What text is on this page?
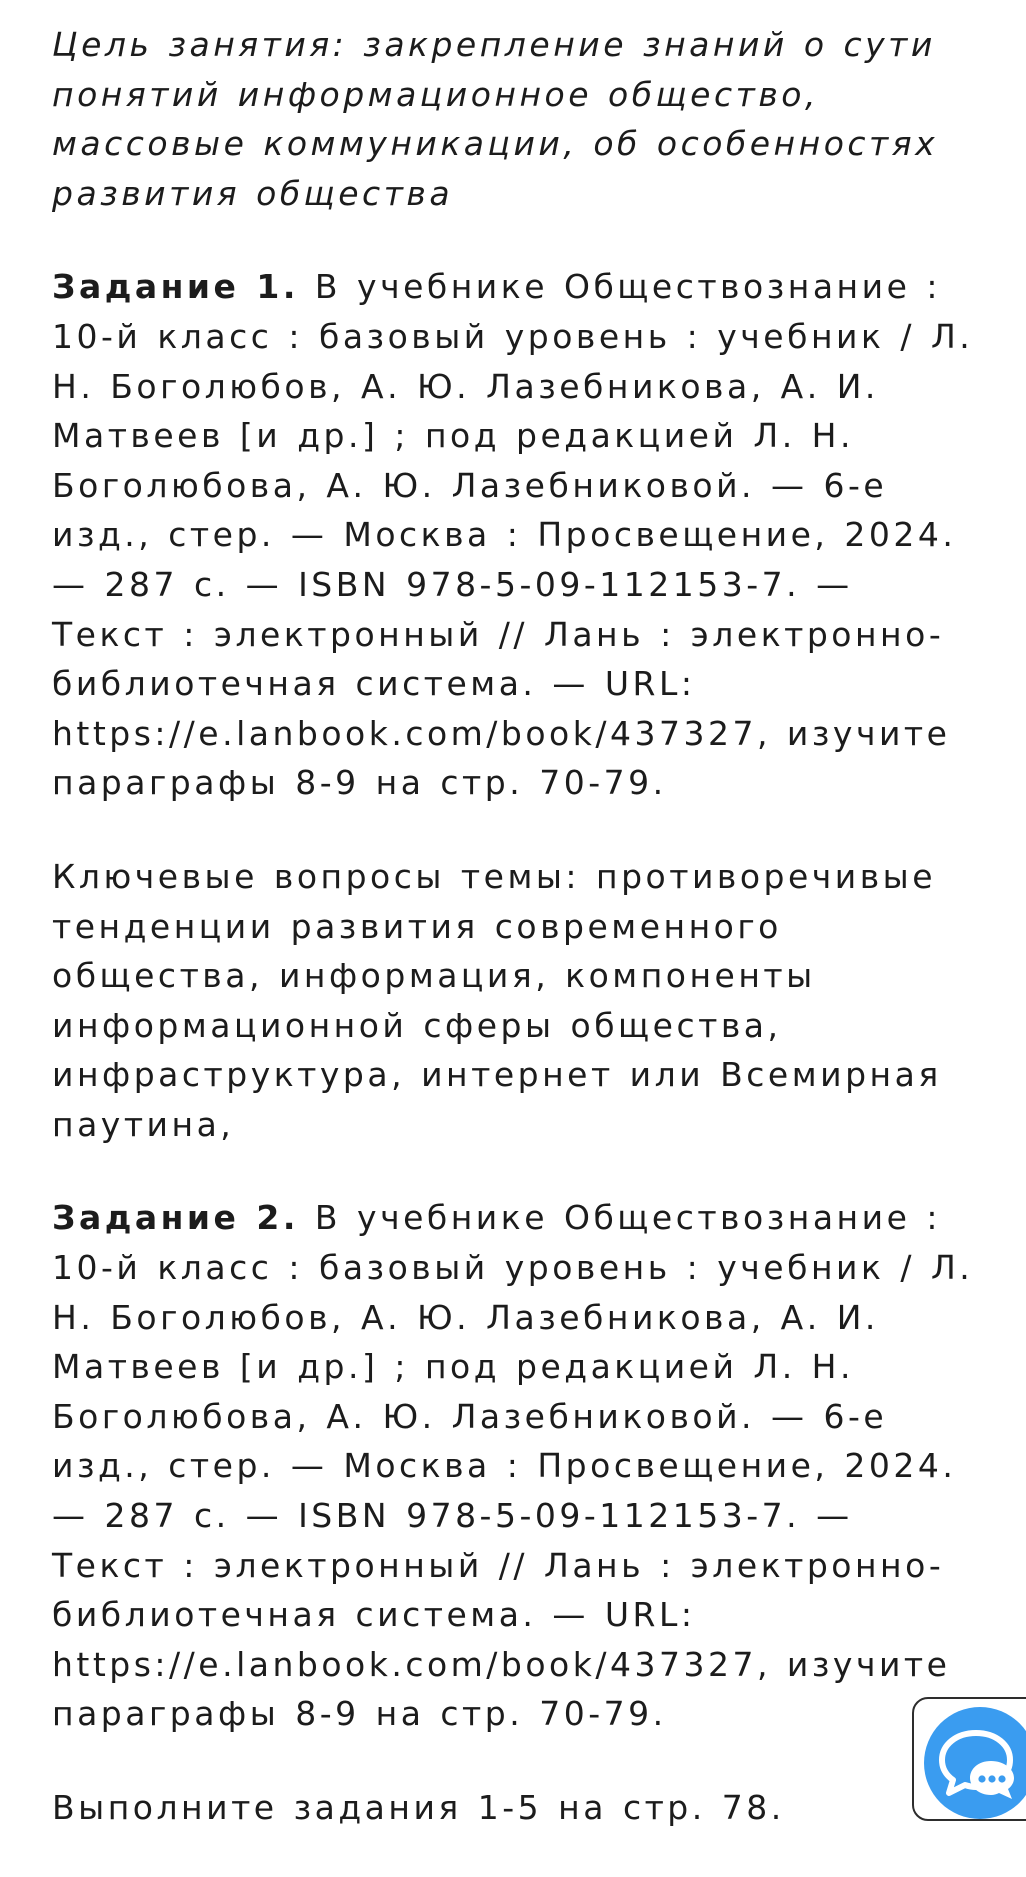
Цель занятия: закрепление знаний о сути понятий информационное общество, массовые коммуникации, об особенностях развития общества

Задание 1. В учебнике Обществознание : 10-й класс : базовый уровень : учебник / Л. Н. Боголюбов, А. Ю. Лазебникова, А. И. Матвеев [и др.] ; под редакцией Л. Н. Боголюбова, А. Ю. Лазебниковой. — 6-е изд., стер. — Москва : Просвещение, 2024. — 287 с. — ISBN 978-5-09-112153-7. — Текст : электронный // Лань : электронно-библиотечная система. — URL: https://e.lanbook.com/book/437327, изучите параграфы 8-9 на стр. 70-79.

Ключевые вопросы темы: противоречивые тенденции развития современного общества, информация, компоненты информационной сферы общества, инфраструктура, интернет или Всемирная паутина,

Задание 2. В учебнике Обществознание : 10-й класс : базовый уровень : учебник / Л. Н. Боголюбов, А. Ю. Лазебникова, А. И. Матвеев [и др.] ; под редакцией Л. Н. Боголюбова, А. Ю. Лазебниковой. — 6-е изд., стер. — Москва : Просвещение, 2024. — 287 с. — ISBN 978-5-09-112153-7. — Текст : электронный // Лань : электронно-библиотечная система. — URL: https://e.lanbook.com/book/437327, изучите параграфы 8-9 на стр. 70-79.

Выполните задания 1-5 на стр. 78.
